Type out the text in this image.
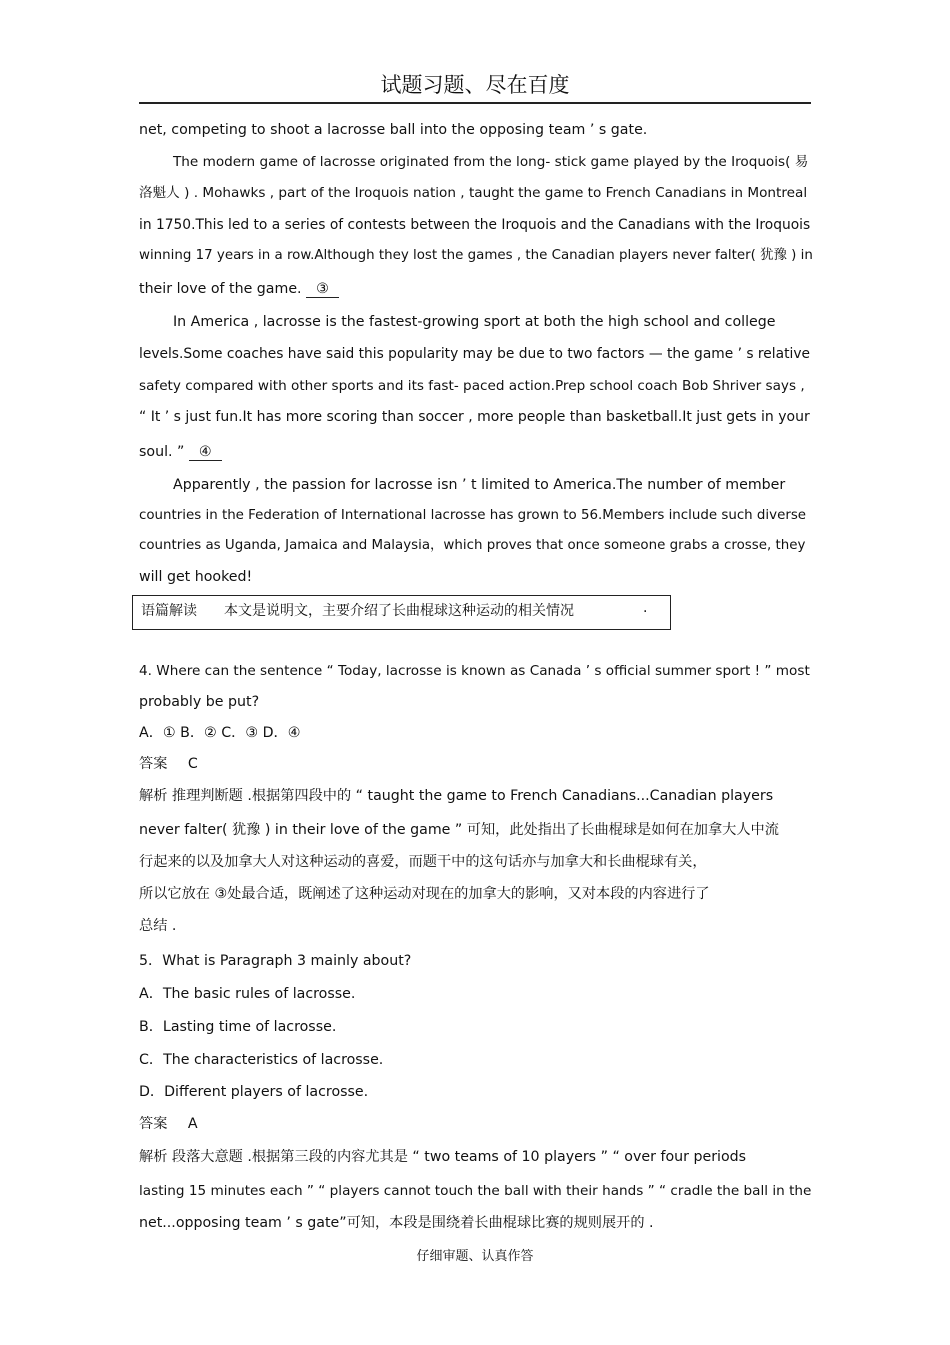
试题习题、尽在百度
net, competing to shoot a lacrosse ball into the opposing team ’ s gate.
The modern game of lacrosse originated from the long- stick game played by the Iroquois( 易
洛魁人 ) . Mohawks , part of the Iroquois nation , taught the game to French Canadians in Montreal
in 1750.This led to a series of contests between the Iroquois and the Canadians with the Iroquois
winning 17 years in a row.Although they lost the games , the Canadian players never falter( 犹豫 ) in
their love of the game. ③
In America , lacrosse is the fastest-growing sport at both the high school and college
levels.Some coaches have said this popularity may be due to two factors — the game ’ s relative
safety compared with other sports and its fast- paced action.Prep school coach Bob Shriver says ,
“ It ’ s just fun.It has more scoring than soccer , more people than basketball.It just gets in your
soul. ” ④
Apparently , the passion for lacrosse isn ’ t limited to America.The number of member
countries in the Federation of International lacrosse has grown to 56.Members include such diverse
countries as Uganda, Jamaica and Malaysia，which proves that once someone grabs a crosse, they
will get hooked!
语篇解读 本文是说明文，主要介绍了长曲棍球这种运动的相关情况	.
4. Where can the sentence “ Today, lacrosse is known as Canada ’ s official summer sport ! ” most
probably be put?
A．① B．② C．③ D．④
答案 C
解析 推理判断题 .根据第四段中的 “ taught the game to French Canadians...Canadian players
never falter( 犹豫 ) in their love of the game ” 可知，此处指出了长曲棍球是如何在加拿大人中流
行起来的以及加拿大人对这种运动的喜爱，而题干中的这句话亦与加拿大和长曲棍球有关，
所以它放在 ③处最合适，既阐述了这种运动对现在的加拿大的影响，又对本段的内容进行了
总结 .
5．What is Paragraph 3 mainly about?
A．The basic rules of lacrosse.
B．Lasting time of lacrosse.
C．The characteristics of lacrosse.
D．Different players of lacrosse.
答案 A
解析 段落大意题 .根据第三段的内容尤其是 “ two teams of 10 players ” “ over four periods
lasting 15 minutes each ” “ players cannot touch the ball with their hands ” “ cradle the ball in the
net...opposing team ’ s gate”可知，本段是围绕着长曲棍球比赛的规则展开的 .
仔细审题、认真作答
